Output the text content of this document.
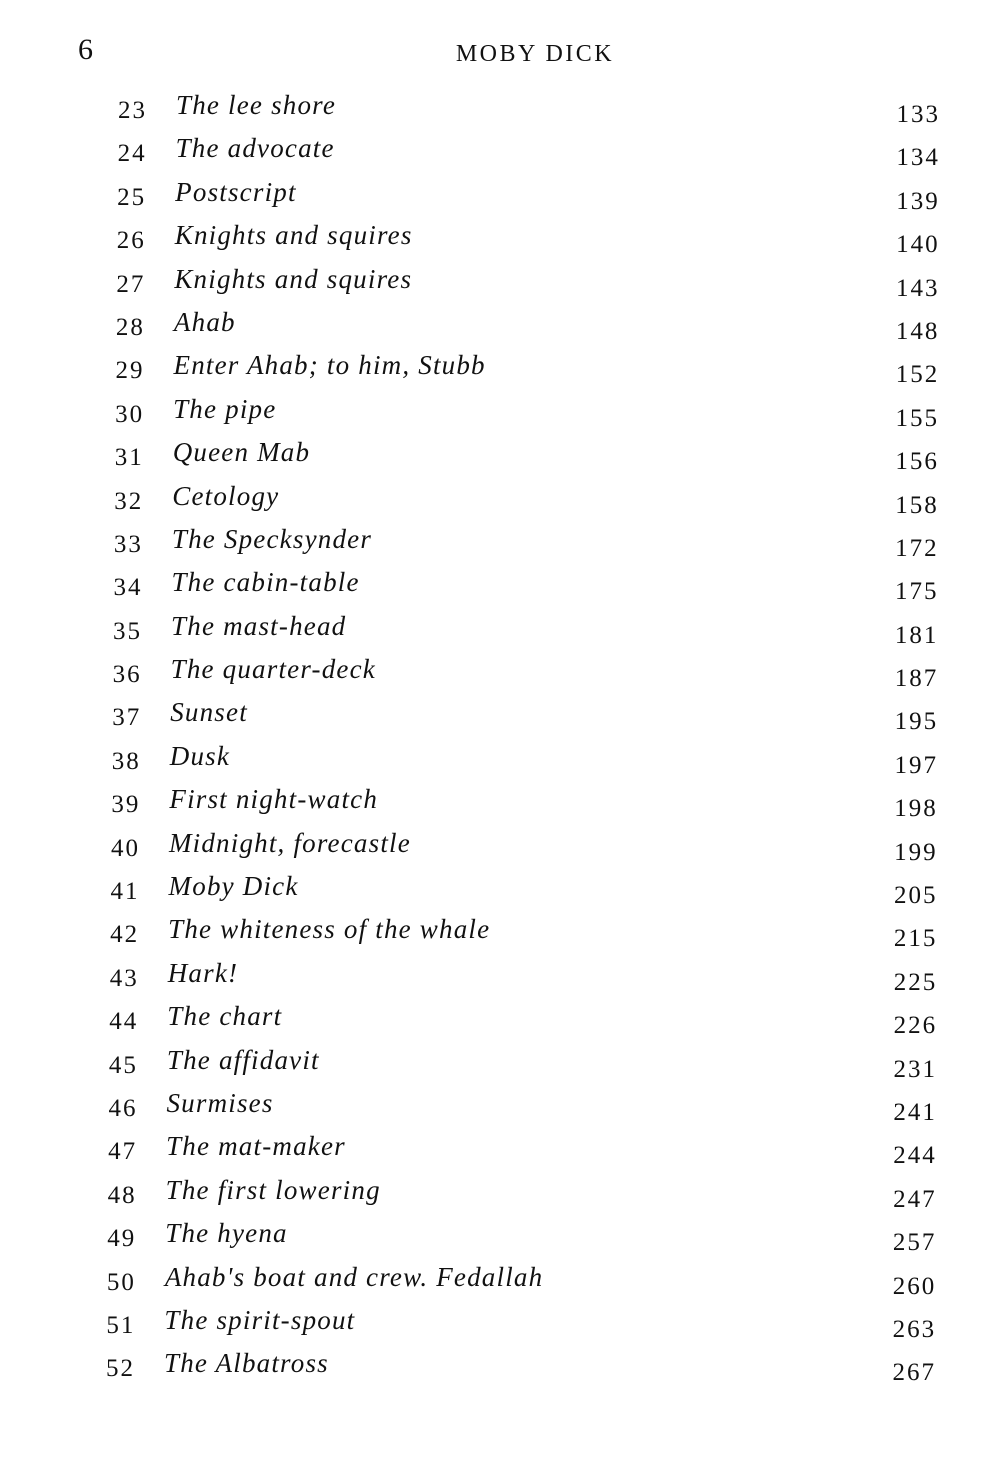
6	MOBY DICK
23	The lee shore	133
24	The advocate	134
25	Postscript	139
26	Knights and squires	140
27	Knights and squires	143
28	Ahab	148
29	Enter Ahab; to him, Stubb	152
30	The pipe	155
31	Queen Mab	156
32	Cetology	158
33	The Specksynder	172
34	The cabin-table	175
35	The mast-head	181
36	The quarter-deck	187
37	Sunset	195
38	Dusk	197
39	First night-watch	198
40	Midnight, forecastle	199
41	Moby Dick	205
42	The whiteness of the whale	215
43	Hark!	225
44	The chart	226
45	The affidavit	231
46	Surmises	241
47	The mat-maker	244
48	The first lowering	247
49	The hyena	257
50	Ahab's boat and crew. Fedallah	260
51	The spirit-spout	263
52	The Albatross	267
